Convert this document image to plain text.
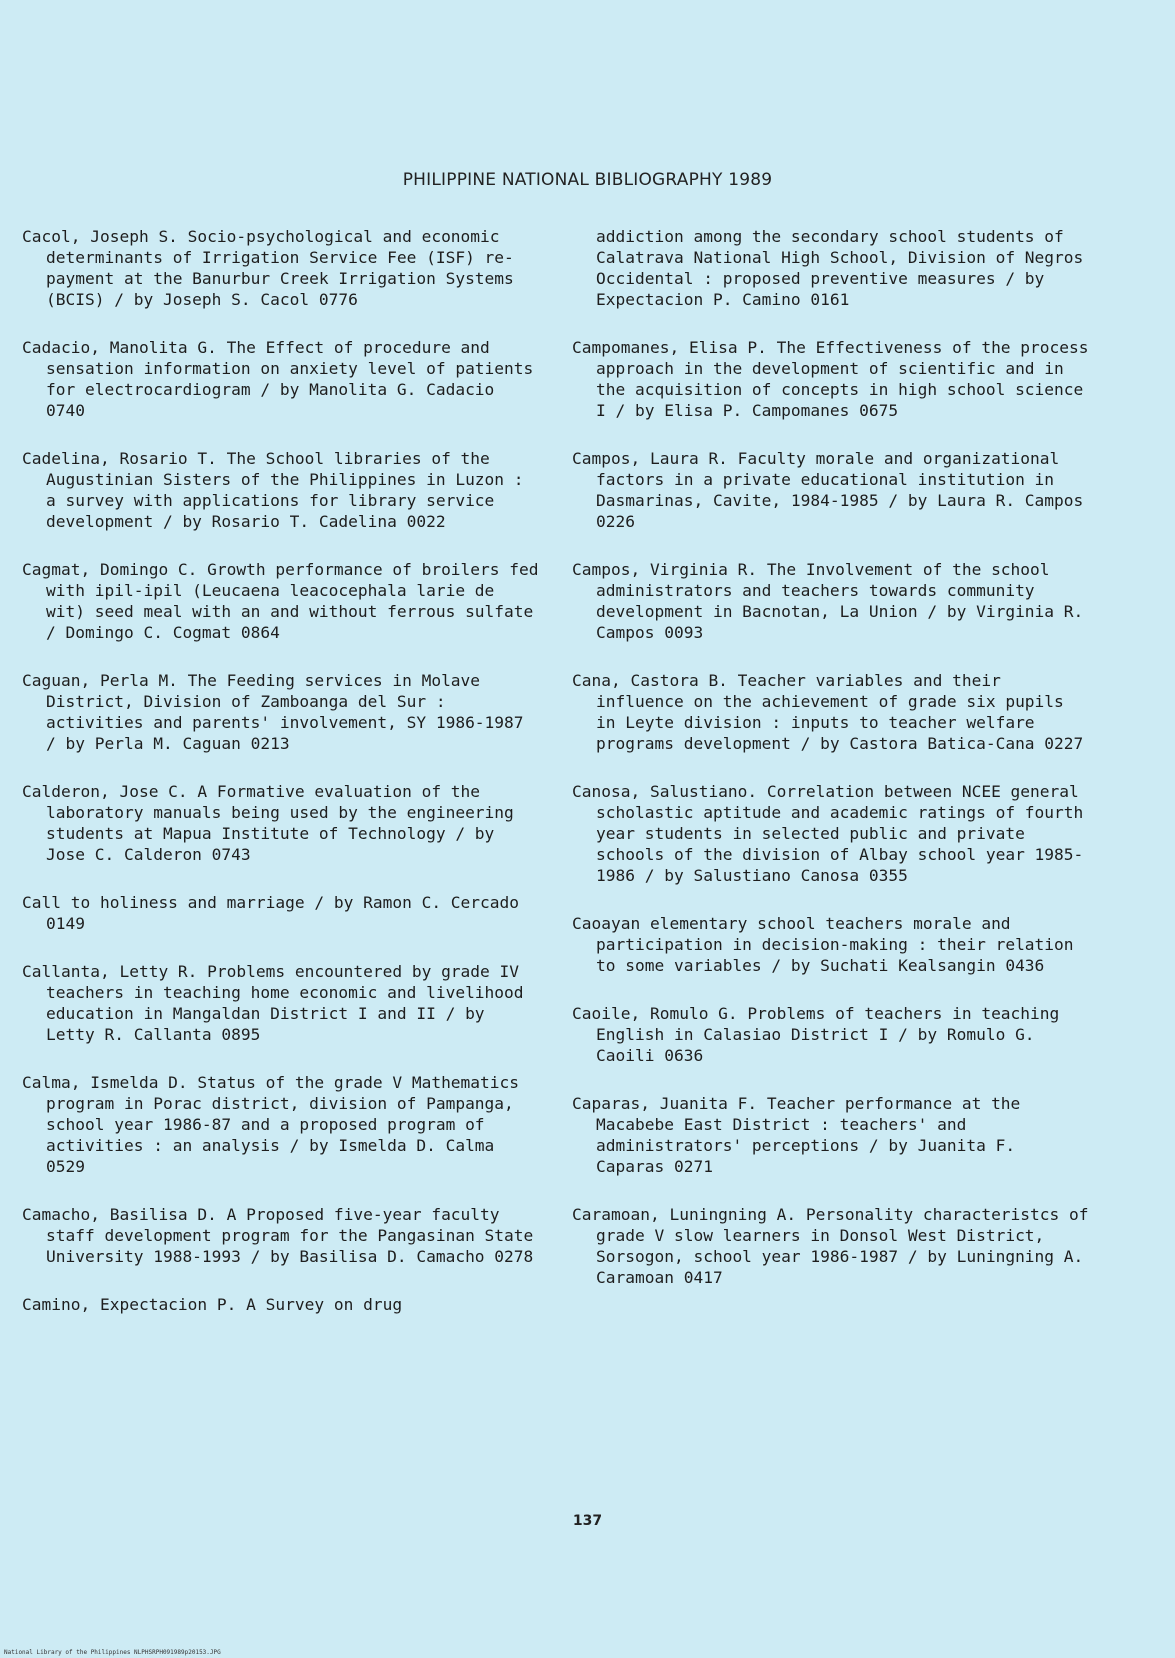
PHILIPPINE NATIONAL BIBLIOGRAPHY 1989
Cacol, Joseph S. Socio-psychological and economic determinants of Irrigation Service Fee (ISF) re-payment at the Banurbur Creek Irrigation Systems (BCIS) / by Joseph S. Cacol 0776
Cadacio, Manolita G. The Effect of procedure and sensation information on anxiety level of patients for electrocardiogram / by Manolita G. Cadacio 0740
Cadelina, Rosario T. The School libraries of the Augustinian Sisters of the Philippines in Luzon : a survey with applications for library service development / by Rosario T. Cadelina 0022
Cagmat, Domingo C. Growth performance of broilers fed with ipil-ipil (Leucaena leacocephala larie de wit) seed meal with an and without ferrous sulfate / Domingo C. Cogmat 0864
Caguan, Perla M. The Feeding services in Molave District, Division of Zamboanga del Sur : activities and parents' involvement, SY 1986-1987 / by Perla M. Caguan 0213
Calderon, Jose C. A Formative evaluation of the laboratory manuals being used by the engineering students at Mapua Institute of Technology / by Jose C. Calderon 0743
Call to holiness and marriage / by Ramon C. Cercado 0149
Callanta, Letty R. Problems encountered by grade IV teachers in teaching home economic and livelihood education in Mangaldan District I and II / by Letty R. Callanta 0895
Calma, Ismelda D. Status of the grade V Mathematics program in Porac district, division of Pampanga, school year 1986-87 and a proposed program of activities : an analysis / by Ismelda D. Calma 0529
Camacho, Basilisa D. A Proposed five-year faculty staff development program for the Pangasinan State University 1988-1993 / by Basilisa D. Camacho 0278
Camino, Expectacion P. A Survey on drug
addiction among the secondary school students of Calatrava National High School, Division of Negros Occidental : proposed preventive measures / by Expectacion P. Camino 0161
Campomanes, Elisa P. The Effectiveness of the process approach in the development of scientific and in the acquisition of concepts in high school science I / by Elisa P. Campomanes 0675
Campos, Laura R. Faculty morale and organizational factors in a private educational institution in Dasmarinas, Cavite, 1984-1985 / by Laura R. Campos 0226
Campos, Virginia R. The Involvement of the school administrators and teachers towards community development in Bacnotan, La Union / by Virginia R. Campos 0093
Cana, Castora B. Teacher variables and their influence on the achievement of grade six pupils in Leyte division : inputs to teacher welfare programs development / by Castora Batica-Cana 0227
Canosa, Salustiano. Correlation between NCEE general scholastic aptitude and academic ratings of fourth year students in selected public and private schools of the division of Albay school year 1985-1986 / by Salustiano Canosa 0355
Caoayan elementary school teachers morale and participation in decision-making : their relation to some variables / by Suchati Kealsangin 0436
Caoile, Romulo G. Problems of teachers in teaching English in Calasiao District I / by Romulo G. Caoili 0636
Caparas, Juanita F. Teacher performance at the Macabebe East District : teachers' and administrators' perceptions / by Juanita F. Caparas 0271
Caramoan, Luningning A. Personality characteristcs of grade V slow learners in Donsol West District, Sorsogon, school year 1986-1987 / by Luningning A. Caramoan 0417
137
National Library of the Philippines NLPHSRPH091989p20153.JPG
